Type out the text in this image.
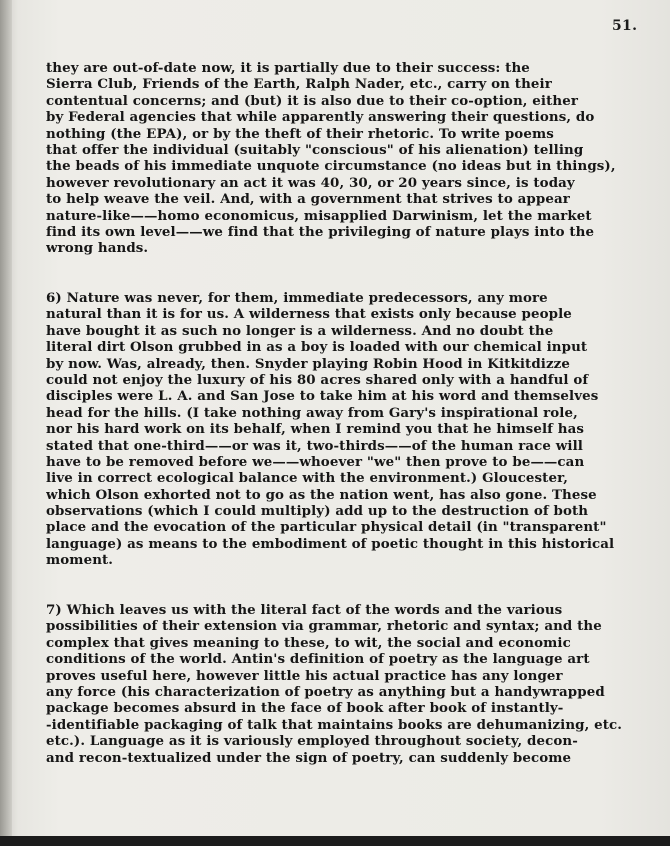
51.
they are out-of-date now, it is partially due to their success: the
Sierra Club, Friends of the Earth, Ralph Nader, etc., carry on their
contentual concerns; and (but) it is also due to their co-option, either
by Federal agencies that while apparently answering their questions, do
nothing (the EPA), or by the theft of their rhetoric. To write poems
that offer the individual (suitably "conscious" of his alienation) telling
the beads of his immediate unquote circumstance (no ideas but in things),
however revolutionary an act it was 40, 30, or 20 years since, is today
to help weave the veil. And, with a government that strives to appear
nature-like——homo economicus, misapplied Darwinism, let the market
find its own level——we find that the privileging of nature plays into the
wrong hands.
6) Nature was never, for them, immediate predecessors, any more
natural than it is for us. A wilderness that exists only because people
have bought it as such no longer is a wilderness. And no doubt the
literal dirt Olson grubbed in as a boy is loaded with our chemical input
by now. Was, already, then. Snyder playing Robin Hood in Kitkitdizze
could not enjoy the luxury of his 80 acres shared only with a handful of
disciples were L. A. and San Jose to take him at his word and themselves
head for the hills. (I take nothing away from Gary's inspirational role,
nor his hard work on its behalf, when I remind you that he himself has
stated that one-third——or was it, two-thirds——of the human race will
have to be removed before we——whoever "we" then prove to be——can
live in correct ecological balance with the environment.) Gloucester,
which Olson exhorted not to go as the nation went, has also gone. These
observations (which I could multiply) add up to the destruction of both
place and the evocation of the particular physical detail (in "transparent"
language) as means to the embodiment of poetic thought in this historical
moment.
7) Which leaves us with the literal fact of the words and the various
possibilities of their extension via grammar, rhetoric and syntax; and the
complex that gives meaning to these, to wit, the social and economic
conditions of the world. Antin's definition of poetry as the language art
proves useful here, however little his actual practice has any longer
any force (his characterization of poetry as anything but a handywrapped
package becomes absurd in the face of book after book of instantly-
-identifiable packaging of talk that maintains books are dehumanizing, etc.
etc.). Language as it is variously employed throughout society, decon-
and recon-textualized under the sign of poetry, can suddenly become
